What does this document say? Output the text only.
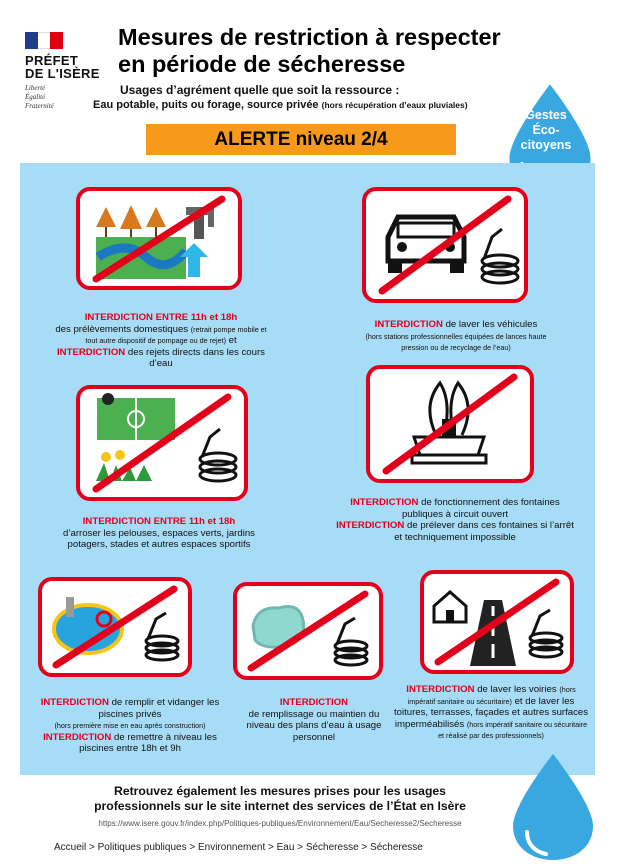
PRÉFET
DE L'ISÈRE
Liberté
Égalité
Fraternité
Mesures de restriction à respecter
en période de sécheresse
Usages d’agrément quelle que soit la ressource :
Eau potable, puits ou forage, source privée (hors récupération d’eaux pluviales)
ALERTE niveau 2/4
Gestes
Éco-
citoyens
INTERDICTION ENTRE 11h et 18h
des prélèvements domestiques (retrait pompe mobile et tout autre dispositif de pompage ou de rejet) et INTERDICTION des rejets directs dans les cours d’eau
INTERDICTION de laver les véhicules
(hors stations professionnelles équipées de lances haute pression ou de recyclage de l’eau)
INTERDICTION ENTRE 11h et 18h
d’arroser les pelouses, espaces verts, jardins potagers, stades et autres espaces sportifs
INTERDICTION de fonctionnement des fontaines publiques à circuit ouvert
INTERDICTION de prélever dans ces fontaines si l’arrêt et techniquement impossible
INTERDICTION de remplir et vidanger les piscines privés
(hors première mise en eau après construction)
INTERDICTION de remettre à niveau les piscines entre 18h et 9h
INTERDICTION
de remplissage ou maintien du niveau des plans d’eau à usage personnel
INTERDICTION de laver les voiries (hors impératif sanitaire ou sécuritaire) et de laver les toitures, terrasses, façades et autres surfaces imperméabilisés (hors impératif sanitaire ou sécuritaire et réalisé par des professionnels)
Retrouvez également les mesures prises pour les usages
professionnels sur le site internet des services de l’État en Isère
https://www.isere.gouv.fr/index.php/Politiques-publiques/Environnement/Eau/Secheresse2/Secheresse
Accueil > Politiques publiques > Environnement > Eau > Sécheresse > Sécheresse
